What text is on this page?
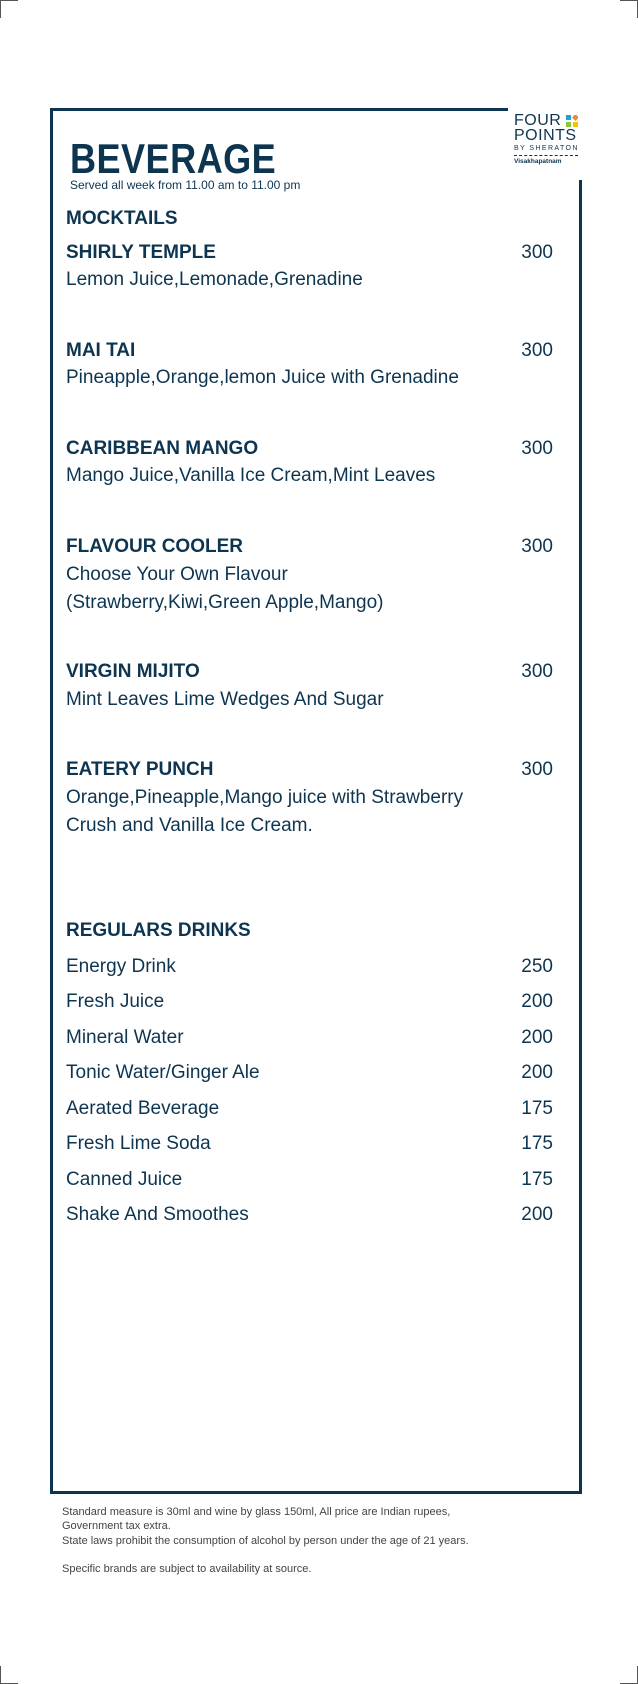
FOUR
POINTS
BY SHERATON
Visakhapatnam
BEVERAGE
Served all week from 11.00 am to 11.00 pm
MOCKTAILS
SHIRLY TEMPLE	300
Lemon Juice,Lemonade,Grenadine
MAI TAI	300
Pineapple,Orange,lemon Juice with Grenadine
CARIBBEAN MANGO	300
Mango Juice,Vanilla Ice Cream,Mint Leaves
FLAVOUR COOLER	300
Choose Your Own Flavour (Strawberry,Kiwi,Green Apple,Mango)
VIRGIN MIJITO	300
Mint Leaves Lime Wedges And Sugar
EATERY PUNCH	300
Orange,Pineapple,Mango juice with Strawberry Crush and Vanilla Ice Cream.
REGULARS DRINKS
Energy Drink	250
Fresh Juice	200
Mineral Water	200
Tonic Water/Ginger Ale	200
Aerated Beverage	175
Fresh Lime Soda	175
Canned Juice	175
Shake And Smoothes	200
Standard measure is 30ml and wine by glass 150ml, All price are Indian rupees,
Government tax extra.
State laws prohibit the consumption of alcohol by person under the age of 21 years.
Specific brands are subject to availability at source.
